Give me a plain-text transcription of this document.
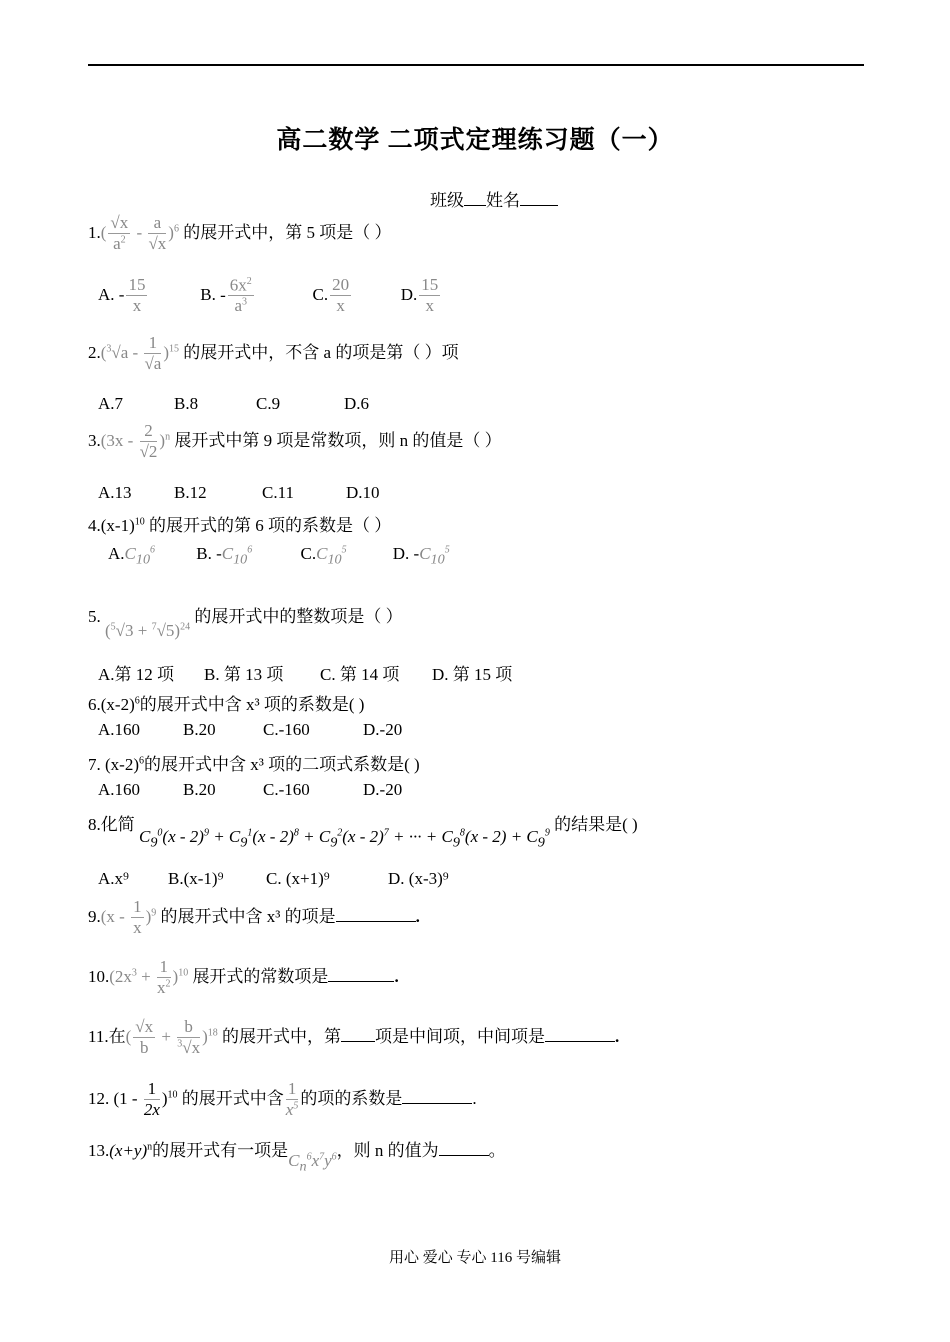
高二数学 二项式定理练习题（一）
班级 姓名
$1.( \frac{√x}{a^2} - \frac{a}{√x} )^6$ 的展开式中，第 5 项是（ ）
A. - $\frac{15}{x}$	B. - $\frac{6x^2}{a^3}$	C. $\frac{20}{x}$	D. $\frac{15}{x}$
$2.(^3√a - \frac{1}{√a} )^{15}$ 的展开式中，不含 a 的项是第（ ）项
A.7	B.8	C.9	D.6
$3.(3x - \frac{2}{√2} )^n$ 展开式中第 9 项是常数项，则 n 的值是（ ）
A.13 B.12	C.11	D.10
$4.(x-1)^{10}$ 的展开式的第 6 项的系数是（ ）
$A.C_{10}^6$ B. $-C_{10}^6$	$C.C_{10}^5$	D. $-C_{10}^5$
5. $(^5√3 + ^7√5)^{24}$ 的展开式中的整数项是（ ）
A.第 12 项 B. 第 13 项 C. 第 14 项 D. 第 15 项
$6.(x-2)^6$的展开式中含 x³ 项的系数是( )
A.160	B.20	C.-160	D.-20
7. $(x-2)^6$的展开式中含 x³ 项的二项式系数是( )
A.160	B.20	C.-160	D.-20
8.化简 $C_9^0(x - 2)^9 + C_9^1(x - 2)^8 + C_9^2(x - 2)^7$ + ··· + $C_9^8(x - 2) + C_9^9$ 的结果是( )
A.x⁹ B.(x-1)⁹	C. (x+1)⁹	D. (x-3)⁹
$9.(x - \frac{1}{x} )^9$ 的展开式中含 x³ 的项是	.
$10.(2x^3 + \frac{1}{x^2} )^{10}$ 展开式的常数项是	.
11.在( $\frac{√x}{b} + \frac{b}{^3√x} )^{18}$ 的展开式中，第 项是中间项，中间项是	.
12. $(1 - \frac{1}{2x} )^{10}$ 的展开式中含 $\frac{1}{x^5}$ 的项的系数是	.
$13.(x+y)^n$的展开式有一项是$C_n^6x^7y^6$，则 n 的值为	。
用心 爱心 专心 116 号编辑
